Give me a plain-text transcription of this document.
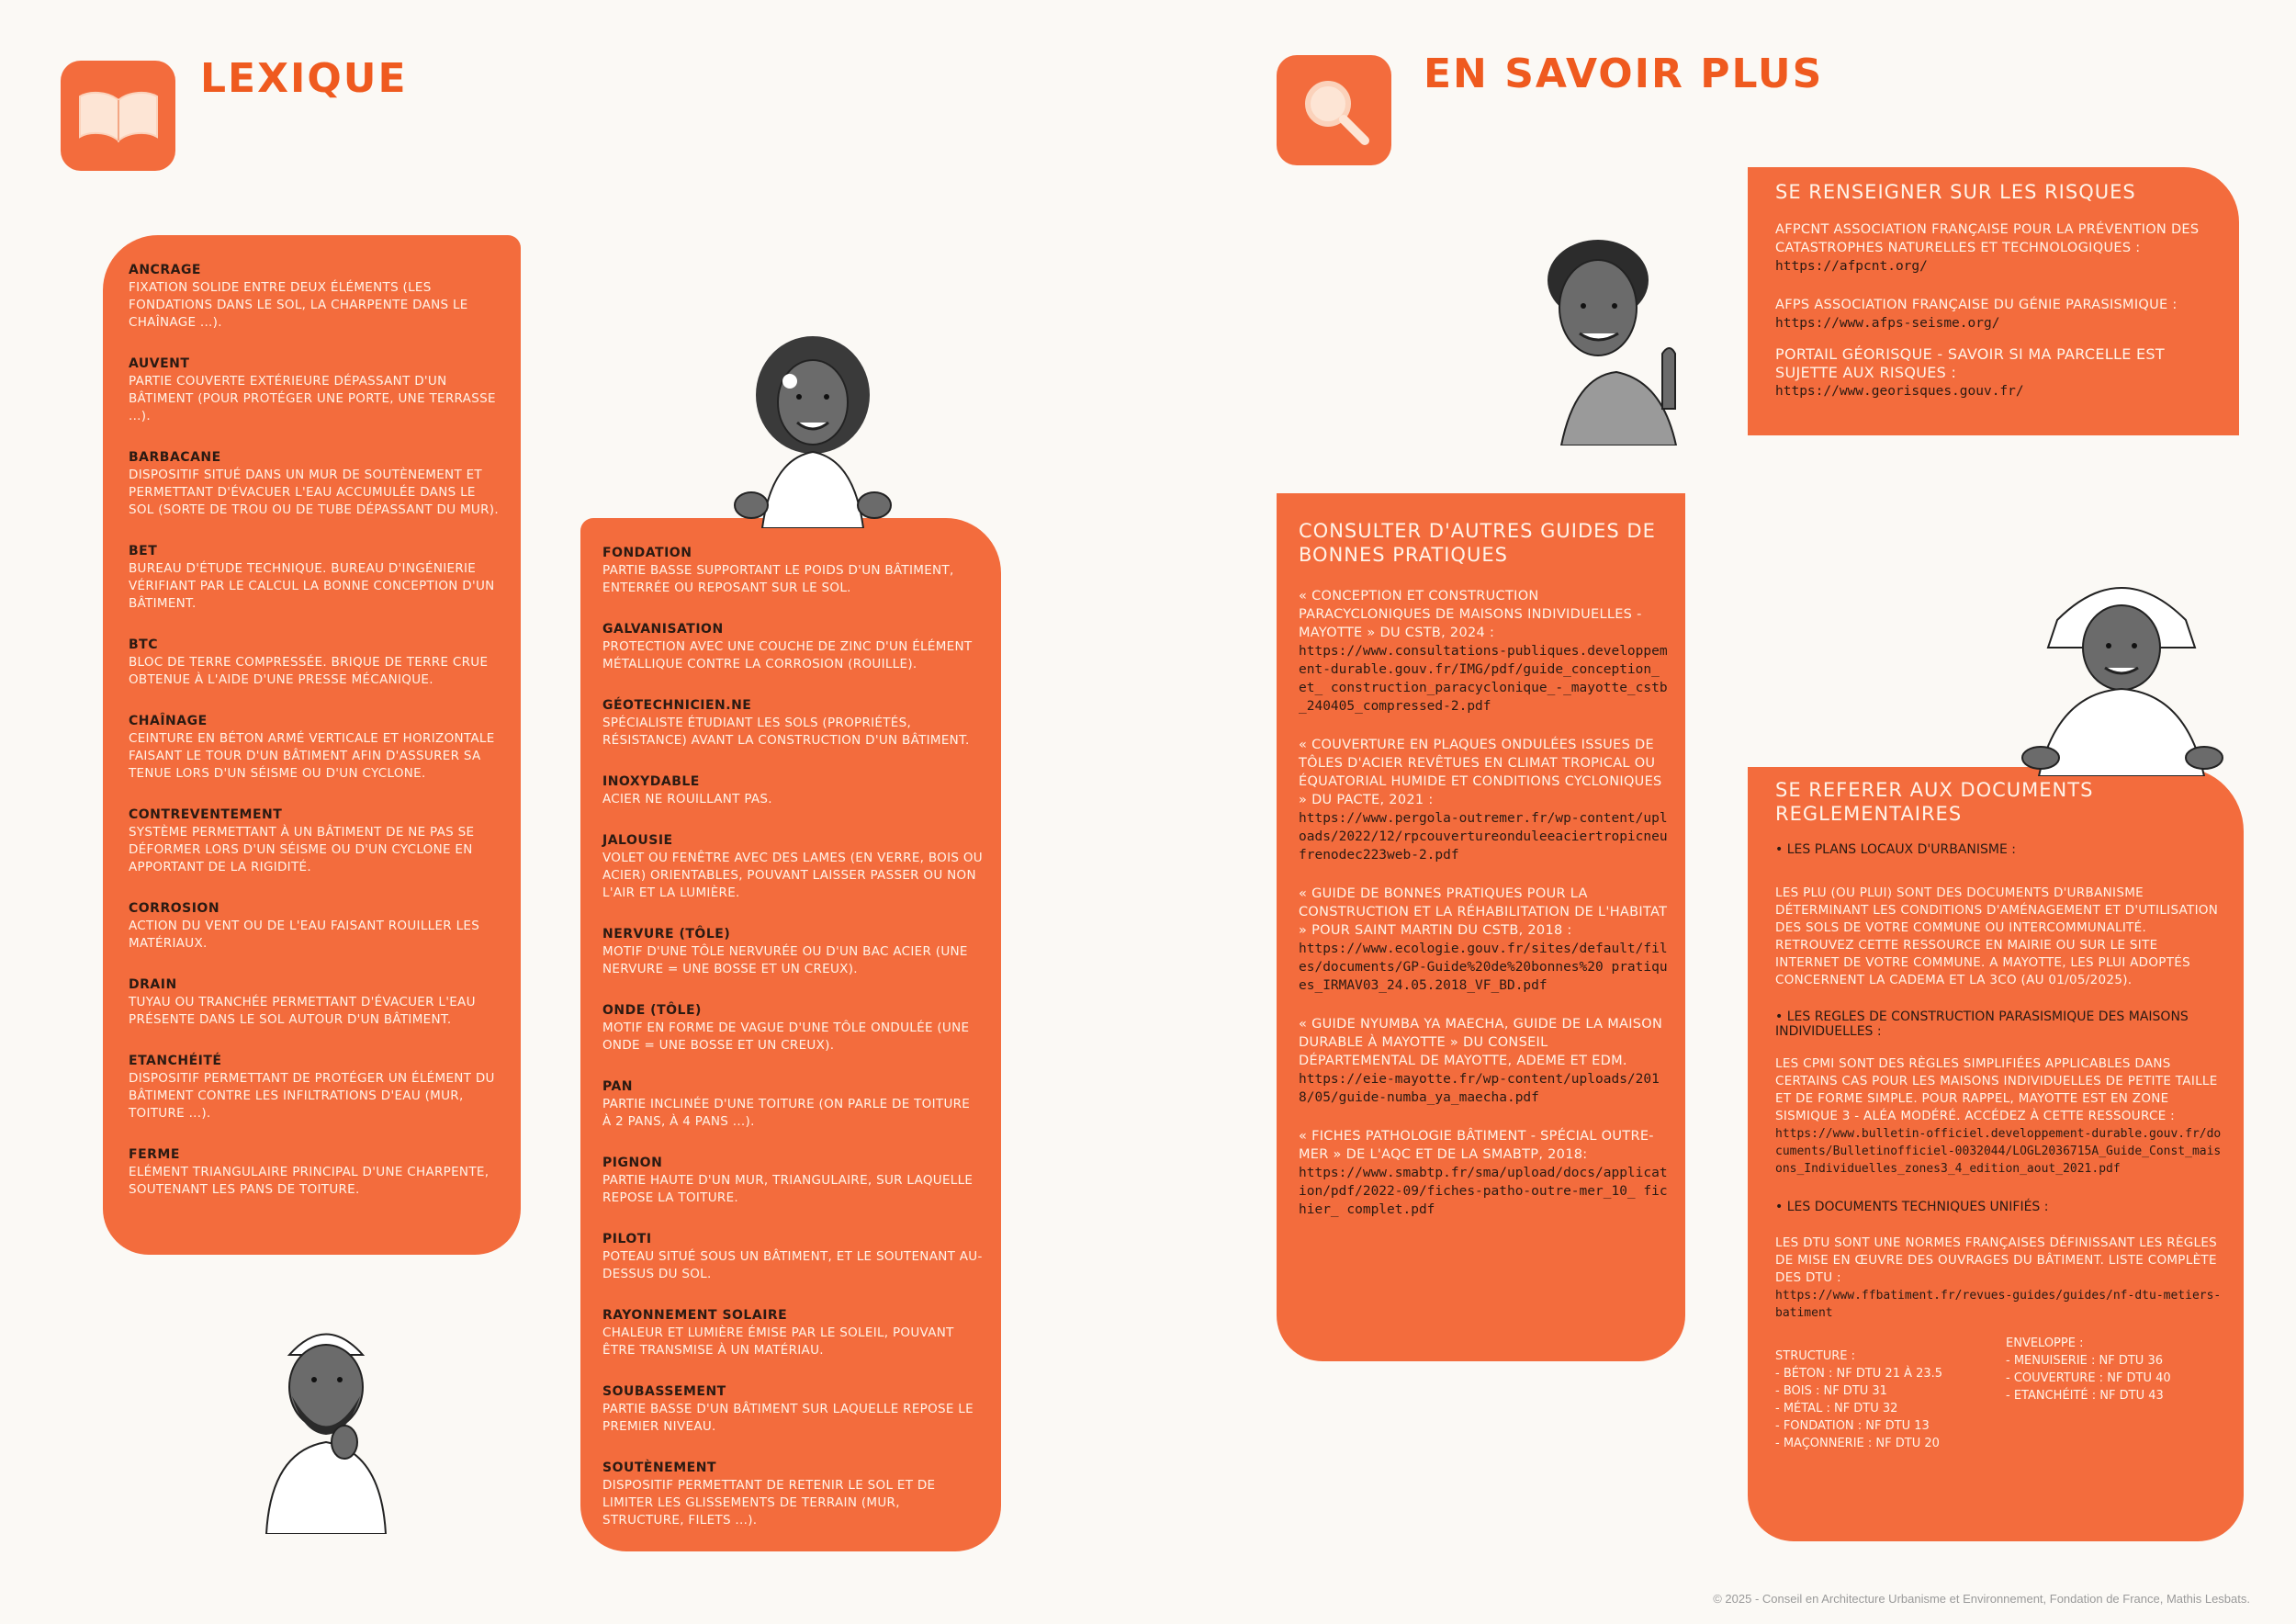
LEXIQUE	EN SAVOIR PLUS
ANCRAGE
FIXATION SOLIDE ENTRE DEUX ÉLÉMENTS (LES FONDATIONS DANS LE SOL, LA CHARPENTE DANS LE CHAÎNAGE ...).
AUVENT
PARTIE COUVERTE EXTÉRIEURE DÉPASSANT D'UN BÂTIMENT (POUR PROTÉGER UNE PORTE, UNE TERRASSE ...).
BARBACANE
DISPOSITIF SITUÉ DANS UN MUR DE SOUTÈNEMENT ET PERMETTANT D'ÉVACUER L'EAU ACCUMULÉE DANS LE SOL (SORTE DE TROU OU DE TUBE DÉPASSANT DU MUR).
BET
BUREAU D'ÉTUDE TECHNIQUE. BUREAU D'INGÉNIERIE VÉRIFIANT PAR LE CALCUL LA BONNE CONCEPTION D'UN BÂTIMENT.
BTC
BLOC DE TERRE COMPRESSÉE. BRIQUE DE TERRE CRUE OBTENUE À L'AIDE D'UNE PRESSE MÉCANIQUE.
CHAÎNAGE
CEINTURE EN BÉTON ARMÉ VERTICALE ET HORIZONTALE FAISANT LE TOUR D'UN BÂTIMENT AFIN D'ASSURER SA TENUE LORS D'UN SÉISME OU D'UN CYCLONE.
CONTREVENTEMENT
SYSTÈME PERMETTANT À UN BÂTIMENT DE NE PAS SE DÉFORMER LORS D'UN SÉISME OU D'UN CYCLONE EN APPORTANT DE LA RIGIDITÉ.
CORROSION
ACTION DU VENT OU DE L'EAU FAISANT ROUILLER LES MATÉRIAUX.
DRAIN
TUYAU OU TRANCHÉE PERMETTANT D'ÉVACUER L'EAU PRÉSENTE DANS LE SOL AUTOUR D'UN BÂTIMENT.
ETANCHÉITÉ
DISPOSITIF PERMETTANT DE PROTÉGER UN ÉLÉMENT DU BÂTIMENT CONTRE LES INFILTRATIONS D'EAU (MUR, TOITURE ...).
FERME
ELÉMENT TRIANGULAIRE PRINCIPAL D'UNE CHARPENTE, SOUTENANT LES PANS DE TOITURE.
FONDATION
PARTIE BASSE SUPPORTANT LE POIDS D'UN BÂTIMENT, ENTERRÉE OU REPOSANT SUR LE SOL.
GALVANISATION
PROTECTION AVEC UNE COUCHE DE ZINC D'UN ÉLÉMENT MÉTALLIQUE CONTRE LA CORROSION (ROUILLE).
GÉOTECHNICIEN.NE
SPÉCIALISTE ÉTUDIANT LES SOLS (PROPRIÉTÉS, RÉSISTANCE) AVANT LA CONSTRUCTION D'UN BÂTIMENT.
INOXYDABLE
ACIER NE ROUILLANT PAS.
JALOUSIE
VOLET OU FENÊTRE AVEC DES LAMES (EN VERRE, BOIS OU ACIER) ORIENTABLES, POUVANT LAISSER PASSER OU NON L'AIR ET LA LUMIÈRE.
NERVURE (TÔLE)
MOTIF D'UNE TÔLE NERVURÉE OU D'UN BAC ACIER (UNE NERVURE = UNE BOSSE ET UN CREUX).
ONDE (TÔLE)
MOTIF EN FORME DE VAGUE D'UNE TÔLE ONDULÉE (UNE ONDE = UNE BOSSE ET UN CREUX).
PAN
PARTIE INCLINÉE D'UNE TOITURE (ON PARLE DE TOITURE À 2 PANS, À 4 PANS ...).
PIGNON
PARTIE HAUTE D'UN MUR, TRIANGULAIRE, SUR LAQUELLE REPOSE LA TOITURE.
PILOTI
POTEAU SITUÉ SOUS UN BÂTIMENT, ET LE SOUTENANT AU-DESSUS DU SOL.
RAYONNEMENT SOLAIRE
CHALEUR ET LUMIÈRE ÉMISE PAR LE SOLEIL, POUVANT ÊTRE TRANSMISE À UN MATÉRIAU.
SOUBASSEMENT
PARTIE BASSE D'UN BÂTIMENT SUR LAQUELLE REPOSE LE PREMIER NIVEAU.
SOUTÈNEMENT
DISPOSITIF PERMETTANT DE RETENIR LE SOL ET DE LIMITER LES GLISSEMENTS DE TERRAIN (MUR, STRUCTURE, FILETS ...).
SE RENSEIGNER SUR LES RISQUES
AFPCNT ASSOCIATION FRANÇAISE POUR LA PRÉVENTION DES CATASTROPHES NATURELLES ET TECHNOLOGIQUES :
https://afpcnt.org/
AFPS ASSOCIATION FRANÇAISE DU GÉNIE PARASISMIQUE :
https://www.afps-seisme.org/
PORTAIL GÉORISQUE - SAVOIR SI MA PARCELLE EST SUJETTE AUX RISQUES :
https://www.georisques.gouv.fr/
CONSULTER D'AUTRES GUIDES DE BONNES PRATIQUES
« CONCEPTION ET CONSTRUCTION PARACYCLONIQUES DE MAISONS INDIVIDUELLES - MAYOTTE » DU CSTB, 2024 :
https://www.consultations-publiques.developpement-durable.gouv.fr/IMG/pdf/guide_conception_ et_ construction_paracyclonique_-_mayotte_cstb_240405_compressed-2.pdf
« COUVERTURE EN PLAQUES ONDULÉES ISSUES DE TÔLES D'ACIER REVÊTUES EN CLIMAT TROPICAL OU ÉQUATORIAL HUMIDE ET CONDITIONS CYCLONIQUES » DU PACTE, 2021 :
https://www.pergola-outremer.fr/wp-content/uploads/2022/12/rpcouvertureonduleeaciertropicneufrenodec223web-2.pdf
« GUIDE DE BONNES PRATIQUES POUR LA CONSTRUCTION ET LA RÉHABILITATION DE L'HABITAT » POUR SAINT MARTIN DU CSTB, 2018 :
https://www.ecologie.gouv.fr/sites/default/files/documents/GP-Guide%20de%20bonnes%20 pratiques_IRMAV03_24.05.2018_VF_BD.pdf
« GUIDE NYUMBA YA MAECHA, GUIDE DE LA MAISON DURABLE À MAYOTTE » DU CONSEIL DÉPARTEMENTAL DE MAYOTTE, ADEME ET EDM.
https://eie-mayotte.fr/wp-content/uploads/2018/05/guide-numba_ya_maecha.pdf
« FICHES PATHOLOGIE BÂTIMENT - SPÉCIAL OUTRE-MER » DE L'AQC ET DE LA SMABTP, 2018:
https://www.smabtp.fr/sma/upload/docs/application/pdf/2022-09/fiches-patho-outre-mer_10_ fichier_ complet.pdf
SE REFERER AUX DOCUMENTS REGLEMENTAIRES
• LES PLANS LOCAUX D'URBANISME :
LES PLU (OU PLUI) SONT DES DOCUMENTS D'URBANISME DÉTERMINANT LES CONDITIONS D'AMÉNAGEMENT ET D'UTILISATION DES SOLS DE VOTRE COMMUNE OU INTERCOMMUNALITÉ. RETROUVEZ CETTE RESSOURCE EN MAIRIE OU SUR LE SITE INTERNET DE VOTRE COMMUNE. A MAYOTTE, LES PLUI ADOPTÉS CONCERNENT LA CADEMA ET LA 3CO (AU 01/05/2025).
• LES REGLES DE CONSTRUCTION PARASISMIQUE DES MAISONS INDIVIDUELLES :
LES CPMI SONT DES RÈGLES SIMPLIFIÉES APPLICABLES DANS CERTAINS CAS POUR LES MAISONS INDIVIDUELLES DE PETITE TAILLE ET DE FORME SIMPLE. POUR RAPPEL, MAYOTTE EST EN ZONE SISMIQUE 3 - ALÉA MODÉRÉ. ACCÉDEZ À CETTE RESSOURCE :
https://www.bulletin-officiel.developpement-durable.gouv.fr/documents/Bulletinofficiel-0032044/LOGL2036715A_Guide_Const_maisons_Individuelles_zones3_4_edition_aout_2021.pdf
• LES DOCUMENTS TECHNIQUES UNIFIÉS :
LES DTU SONT UNE NORMES FRANÇAISES DÉFINISSANT LES RÈGLES DE MISE EN ŒUVRE DES OUVRAGES DU BÂTIMENT. LISTE COMPLÈTE DES DTU :
https://www.ffbatiment.fr/revues-guides/guides/nf-dtu-metiers-batiment
STRUCTURE :
- BÉTON : NF DTU 21 À 23.5
- BOIS : NF DTU 31
- MÉTAL : NF DTU 32
- FONDATION : NF DTU 13
- MAÇONNERIE : NF DTU 20
ENVELOPPE :
- MENUISERIE : NF DTU 36
- COUVERTURE : NF DTU 40
- ETANCHÉITÉ : NF DTU 43
© 2025 - Conseil en Architecture Urbanisme et Environnement, Fondation de France, Mathis Lesbats.
